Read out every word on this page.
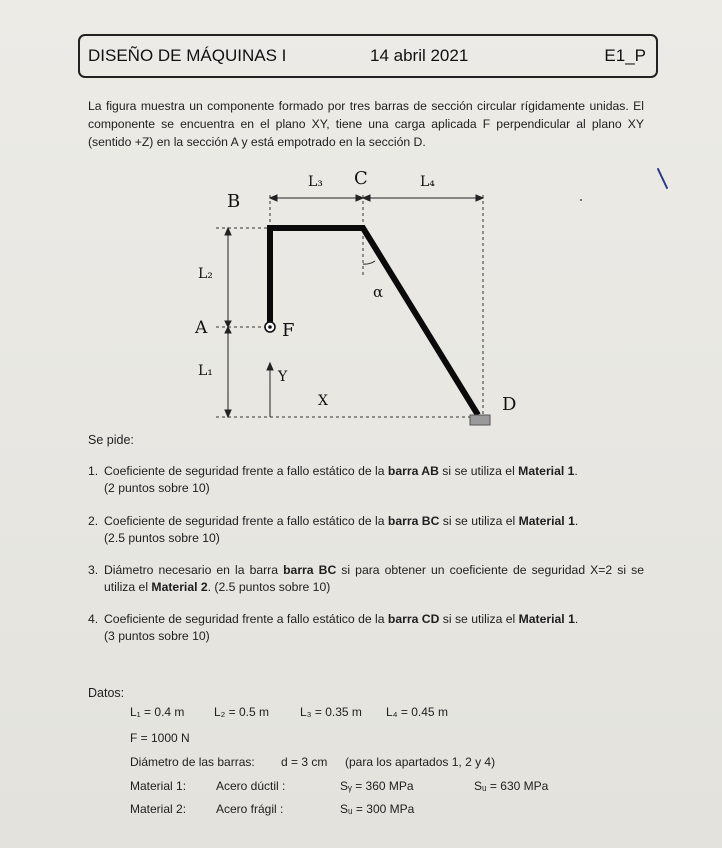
DISEÑO DE MÁQUINAS I	14 abril 2021	E1_P
La figura muestra un componente formado por tres barras de sección circular rígidamente unidas. El componente se encuentra en el plano XY, tiene una carga aplicada F perpendicular al plano XY (sentido +Z) en la sección A y está empotrado en la sección D.
B
C
D
A	F
L₂
L₁
L₃	L₄
α
Y
X
Se pide:
1. Coeficiente de seguridad frente a fallo estático de la barra AB si se utiliza el Material 1.
(2 puntos sobre 10)
2. Coeficiente de seguridad frente a fallo estático de la barra BC si se utiliza el Material 1.
(2.5 puntos sobre 10)
3. Diámetro necesario en la barra barra BC si para obtener un coeficiente de seguridad X=2 si se utiliza el Material 2. (2.5 puntos sobre 10)
4. Coeficiente de seguridad frente a fallo estático de la barra CD si se utiliza el Material 1.
(3 puntos sobre 10)
Datos:
L₁ = 0.4 m L₂ = 0.5 m	L₃ = 0.35 m L₄ = 0.45 m
F = 1000 N
Diámetro de las barras: d = 3 cm (para los apartados 1, 2 y 4)
Material 1: Acero dúctil :	Sᵧ = 360 MPa	Sᵤ = 630 MPa
Material 2: Acero frágil :	Sᵤ = 300 MPa
